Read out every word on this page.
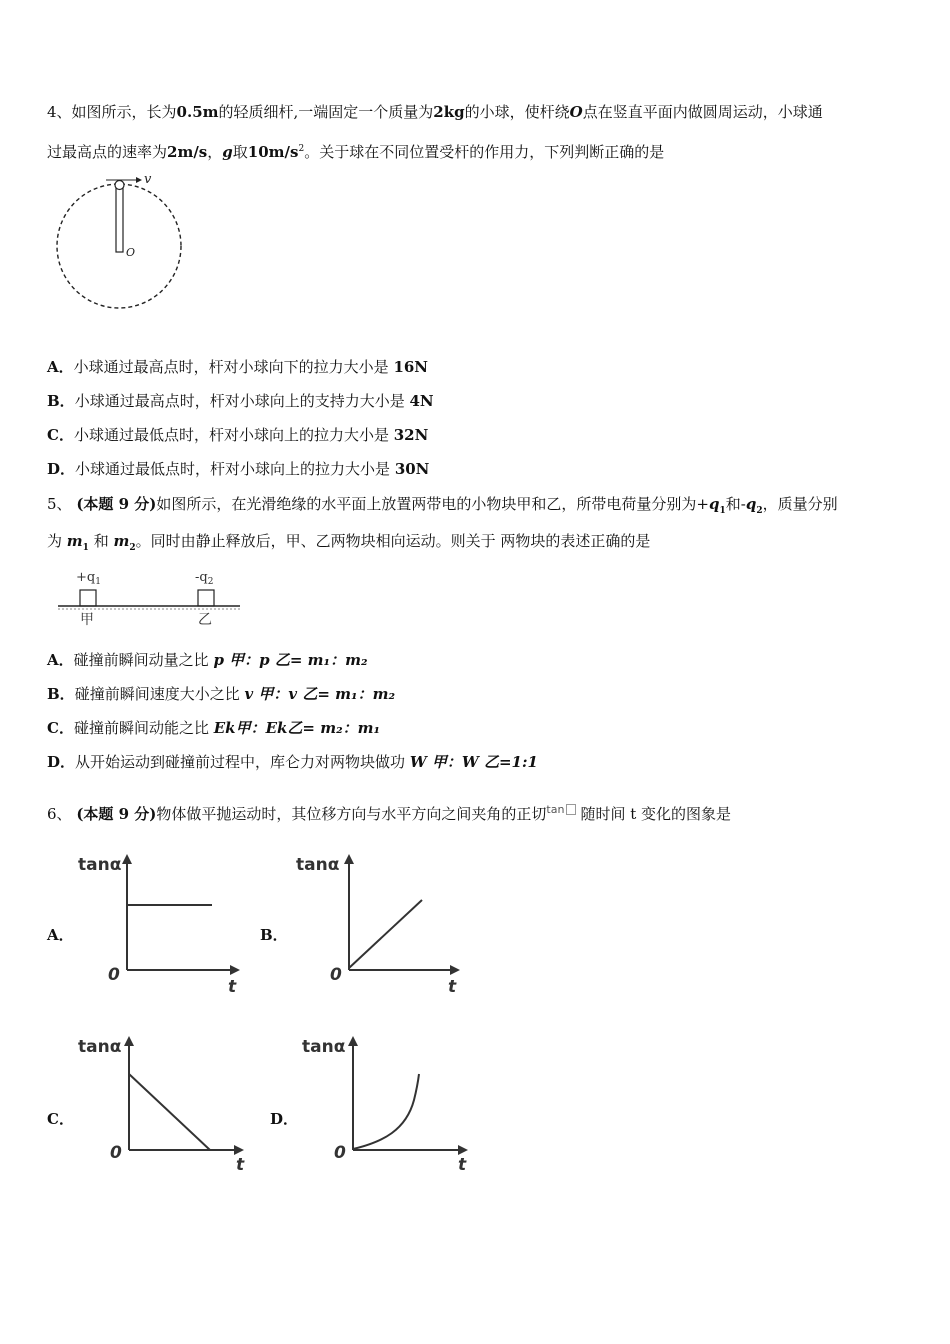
4、如图所示，长为0.5m的轻质细杆,一端固定一个质量为2kg的小球，使杆绕O点在竖直平面内做圆周运动，小球通
过最高点的速率为2m/s，g取$10m/s^2$。关于球在不同位置受杆的作用力，下列判断正确的是
v
O
A．小球通过最高点时，杆对小球向下的拉力大小是 16N
B．小球通过最高点时，杆对小球向上的支持力大小是 4N
C．小球通过最低点时，杆对小球向上的拉力大小是 32N
D．小球通过最低点时，杆对小球向上的拉力大小是 30N
5、 (本题 9 分)如图所示，在光滑绝缘的水平面上放置两带电的小物块甲和乙，所带电荷量分别为$+q_1$和$-q_2$，质量分别
为 $m_1$ 和 $m_2$。同时由静止释放后，甲、乙两物块相向运动。则关于 两物块的表述正确的是
$+q_1$	$-q_2$
甲	乙
A．碰撞前瞬间动量之比 p 甲：p 乙= m₁：m₂
B．碰撞前瞬间速度大小之比 v 甲：v 乙= m₁：m₂
C．碰撞前瞬间动能之比 Ek甲：Ek乙= m₂：m₁
D．从开始运动到碰撞前过程中，库仑力对两物块做功 W 甲：W 乙=1:1
6、 (本题 9 分)物体做平抛运动时，其位移方向与水平方向之间夹角的正切$^{tan}$ 随时间 t 变化的图象是
A．	B．
C．	D．
tanα
0
t
tanα
0
t
tanα
0
t
tanα
0
t
